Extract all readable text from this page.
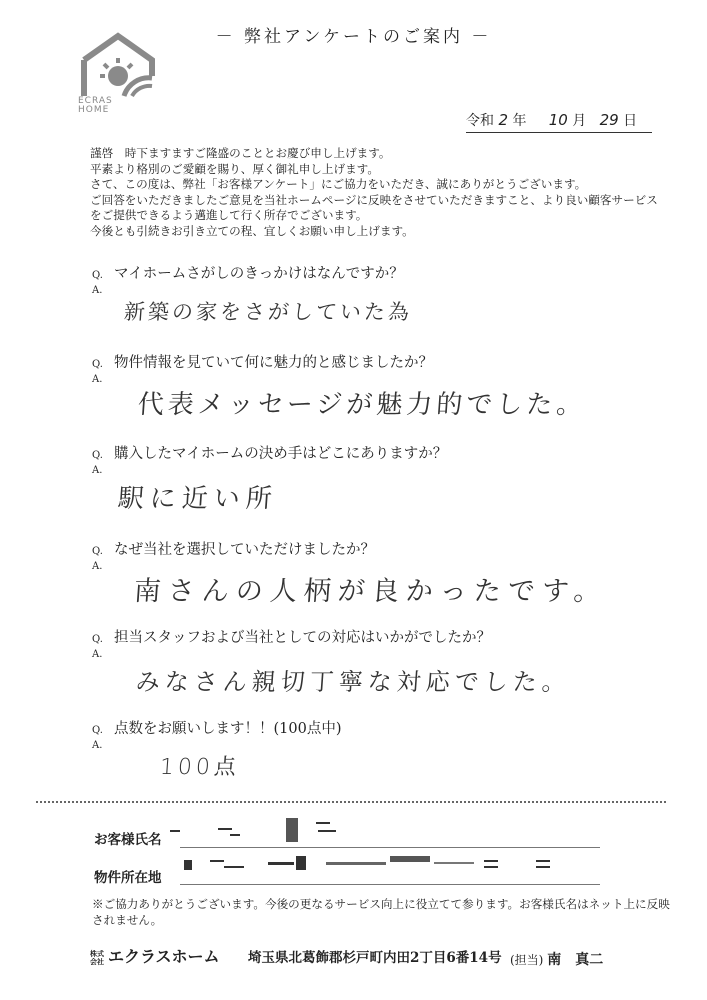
－ 弊社アンケートのご案内 －
ECRAS
HOME
令和 2 年 10 月 29 日
謹啓　時下ますますご隆盛のこととお慶び申し上げます。
平素より格別のご愛顧を賜り、厚く御礼申し上げます。
さて、この度は、弊社「お客様アンケート」にご協力をいただき、誠にありがとうございます。
ご回答をいただきましたご意見を当社ホームページに反映をさせていただきますこと、より良い顧客サービス
をご提供できるよう邁進して行く所存でございます。
今後とも引続きお引き立ての程、宜しくお願い申し上げます。
Q. マイホームさがしのきっかけはなんですか？
A.
新築の家をさがしていた為
Q. 物件情報を見ていて何に魅力的と感じましたか？
A.
代表メッセージが魅力的でした。
Q. 購入したマイホームの決め手はどこにありますか？
A.
駅に近い所
Q. なぜ当社を選択していただけましたか？
A.
南さんの人柄が良かったです。
Q. 担当スタッフおよび当社としての対応はいかがでしたか？
A.
みなさん親切丁寧な対応でした。
Q. 点数をお願いします！！(100点中)
A.
100点
お客様氏名
物件所在地
※ご協力ありがとうございます。今後の更なるサービス向上に役立てて参ります。お客様氏名はネット上に反映されません。
株式会社 エクラスホーム 埼玉県北葛飾郡杉戸町内田2丁目6番14号 (担当) 南　真二
